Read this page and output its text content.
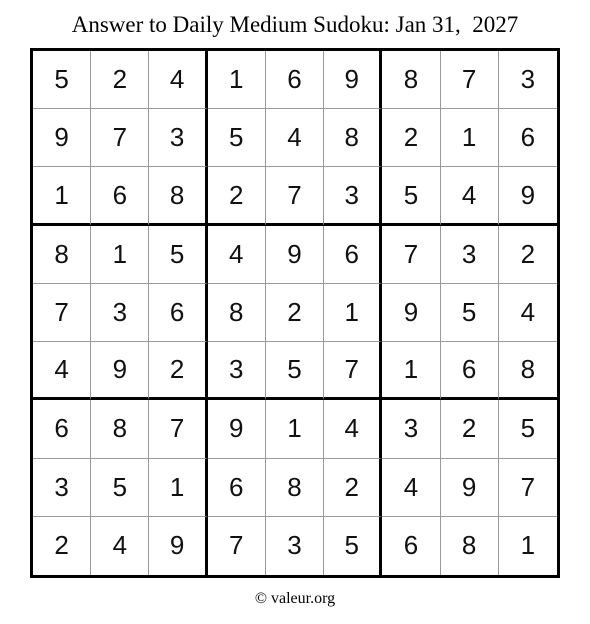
Answer to Daily Medium Sudoku: Jan 31,  2027
5	2	4	1	6	9	8	7	3
9	7	3	5	4	8	2	1	6
1	6	8	2	7	3	5	4	9
8	1	5	4	9	6	7	3	2
7	3	6	8	2	1	9	5	4
4	9	2	3	5	7	1	6	8
6	8	7	9	1	4	3	2	5
3	5	1	6	8	2	4	9	7
2	4	9	7	3	5	6	8	1
© valeur.org
